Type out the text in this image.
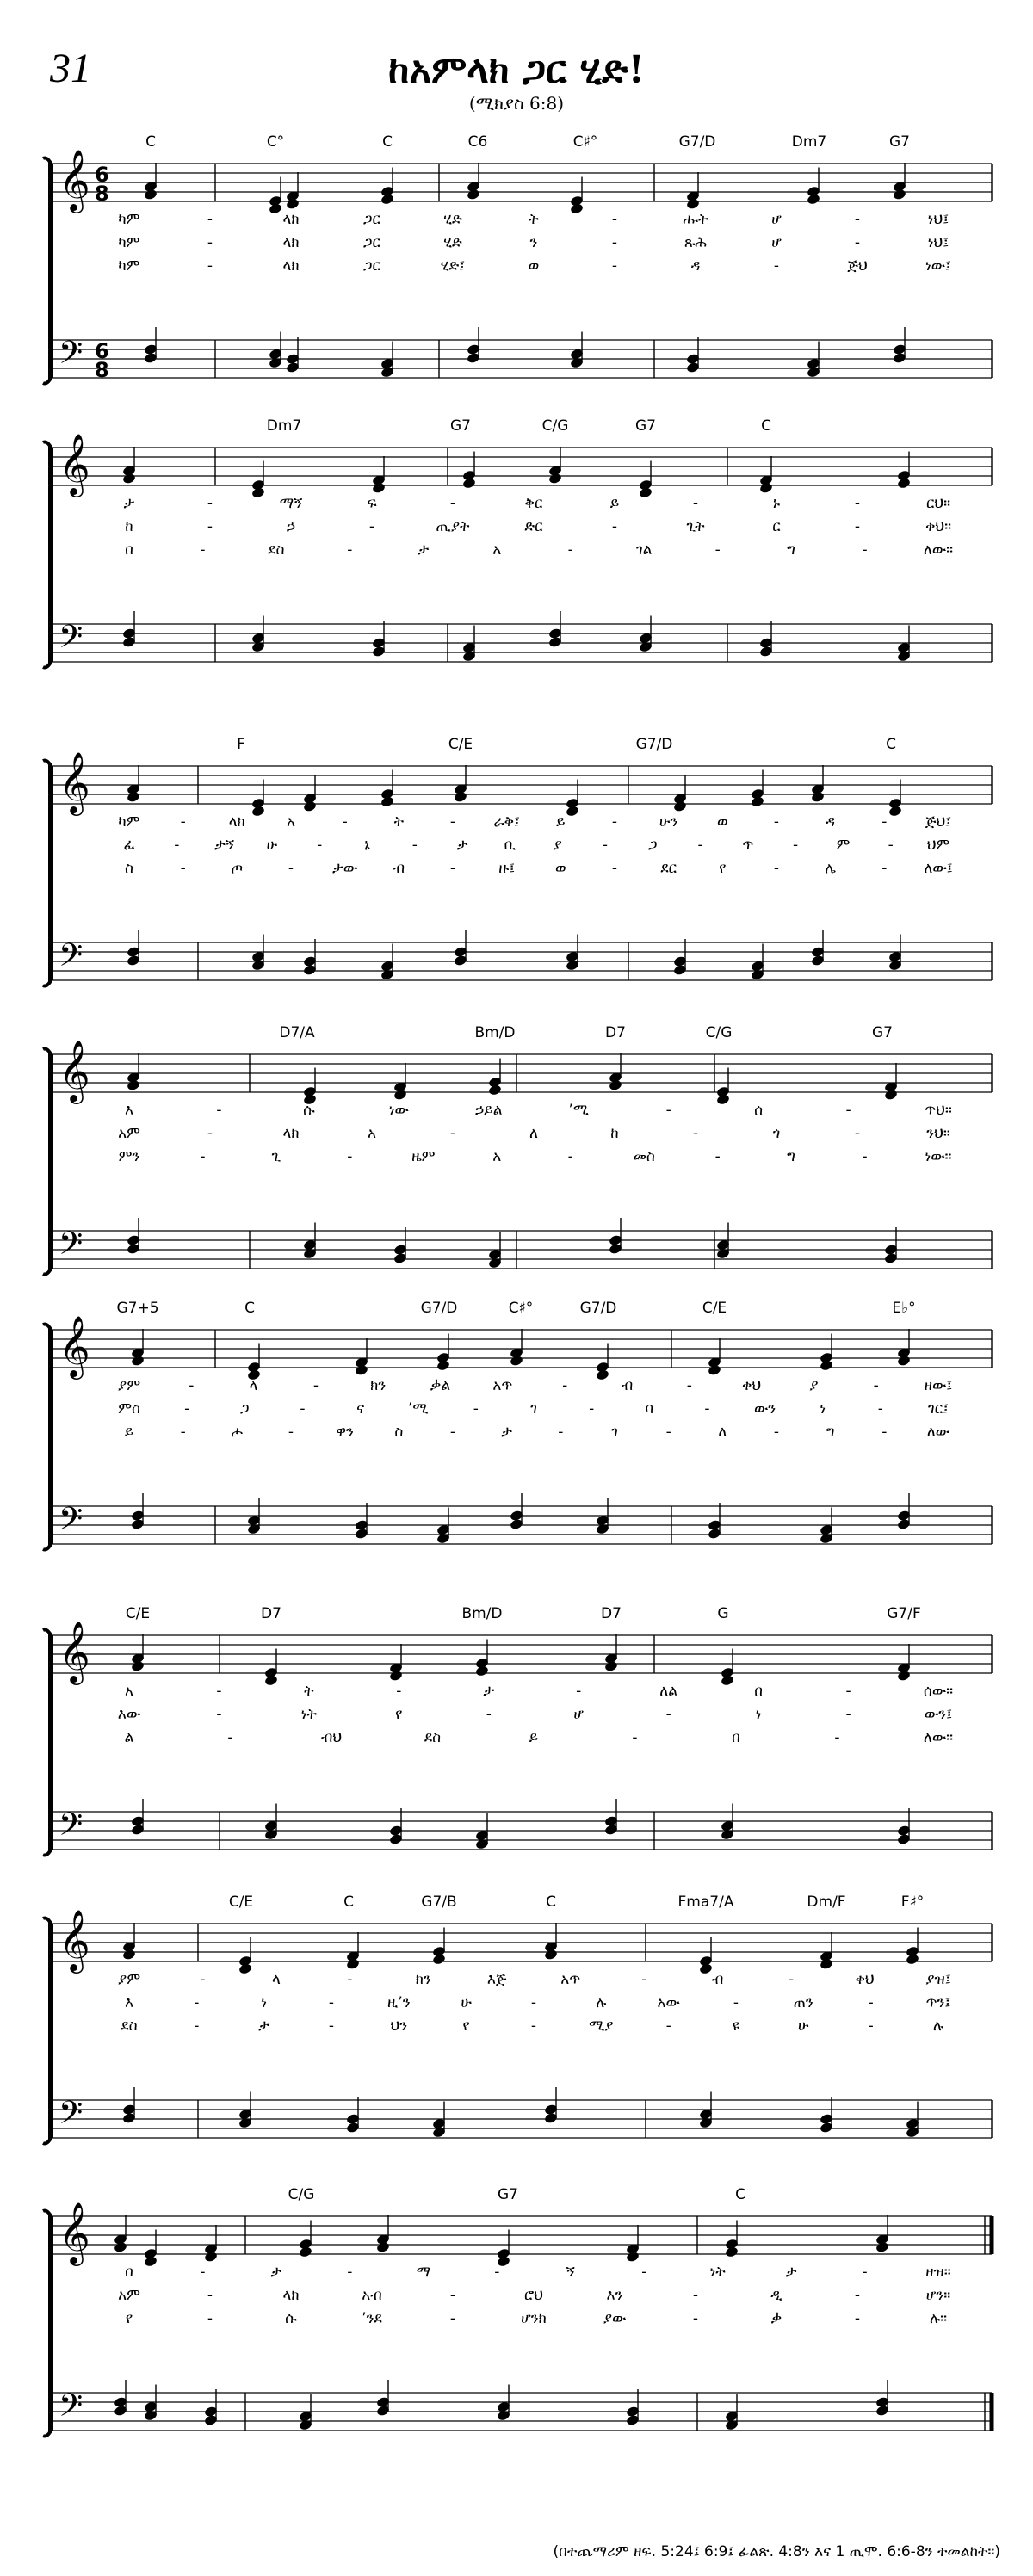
31	ከአምላክ ጋር ሂድ!
(ሚክያስ 6:8)
𝄞
𝄢
6
8
6
8
C	C°	C	C6	C♯°	G7/D	Dm7	G7
ካም	-	ላክ	ጋር	ሂድ	ት	-	ሑት	ሆ	-	ነህ፤
ካም	-	ላክ	ጋር	ሂድ	ን	-	ጹሕ	ሆ	-	ነህ፤
ካም	-	ላክ	ጋር	ሂድ፤	ወ	-	ዳ	-	ጅህ	ነው፤
𝄞
𝄢
Dm7	G7	C/G	G7	C
ታ	-	ማኝ	ፍ	-	ቅር	ይ	-	ኑ	-	ርህ።
ከ	-	ኃ	-	ጢያት	ድር	-	ጊት	ር	-	ቀህ።
በ	-	ደስ	-	ታ	አ	-	ገል	-	ግ	-	ለው።
𝄞
𝄢
F	C/E	G7/D	C
ካም	-	ላክ	አ	-	ት	-	ራቅ፤ ይ	-	ሁን	ወ	-	ዳ	-	ጅህ፤
ፈ	- ታኝ ሁ	-	ኔ	-	ታ ቢ	ያ	-	ጋ	-	ጥ	-	ም	- ህም
ስ	-	ጦ	-	ታው ብ	-	ዙ፤	ወ	-	ደር	የ	-	ሌ	-	ለው፤
𝄞
𝄢
D7/A	Bm/D	D7	C/G	G7
እ	-	ሱ	ነው	ኃይል	’ሚ	-	ሰ	-	ጥህ።
አም	-	ላክ	አ	-	ለ	ከ	-	ጎ	-	ንህ።
ምን	-	ጊ	-	ዜም	አ	-	መስ	-	ግ	-	ነው።
𝄞
𝄢
G7+5	C	G7/D	C♯°	G7/D	C/E	E♭°
ያም	-	ላ	-	ክን	ቃል	አጥ	-	ብ	-	ቀህ	ያ	-	ዘው፤
ምስ	-	ጋ	-	ና	’ሚ	-	ገ	-	ባ	-	ውን	ነ	-	ገር፤
ይ	-	ሖ	-	ዋን	ስ	-	ታ	-	ገ	-	ለ	-	ግ	-	ለው
𝄞
𝄢
C/E	D7	Bm/D	D7	G	G7/F
አ	-	ት	-	ታ	-	ለል	በ	-	ሰው።
እው	-	ነት	የ	-	ሆ	-	ነ	-	ውን፤
ል	-	ብህ	ደስ	ይ	-	በ	-	ለው።
𝄞
𝄢
C/E	C	G7/B	C	Fma7/A	Dm/F	F♯°
ያም	-	ላ	-	ክን	እጅ	አጥ	-	ብ	-	ቀህ	ያዝ፤
እ	-	ነ	-	ዚ’ን	ሁ	-	ሉ	አው	-	ጠን	-	ጥን፤
ደስ	-	ታ	-	ህን	የ	-	ሚያ	-	ዩ	ሁ	-	ሉ
𝄞
𝄢
C/G	G7	C
በ	-	ታ	-	ማ	-	ኝ	-	ነት	ታ	-	ዘዝ።
አም	-	ላክ	አብ	-	ሮህ	እን	-	ዲ	-	ሆን።
የ	-	ሱ	’ንደ	-	ሆንክ	ያው	-	ቃ	-	ሉ።
(በተጨማሪም ዘፍ. 5:24፤ 6:9፤ ፊልጵ. 4:8ን እና 1 ጢሞ. 6:6-8ን ተመልከት።)
